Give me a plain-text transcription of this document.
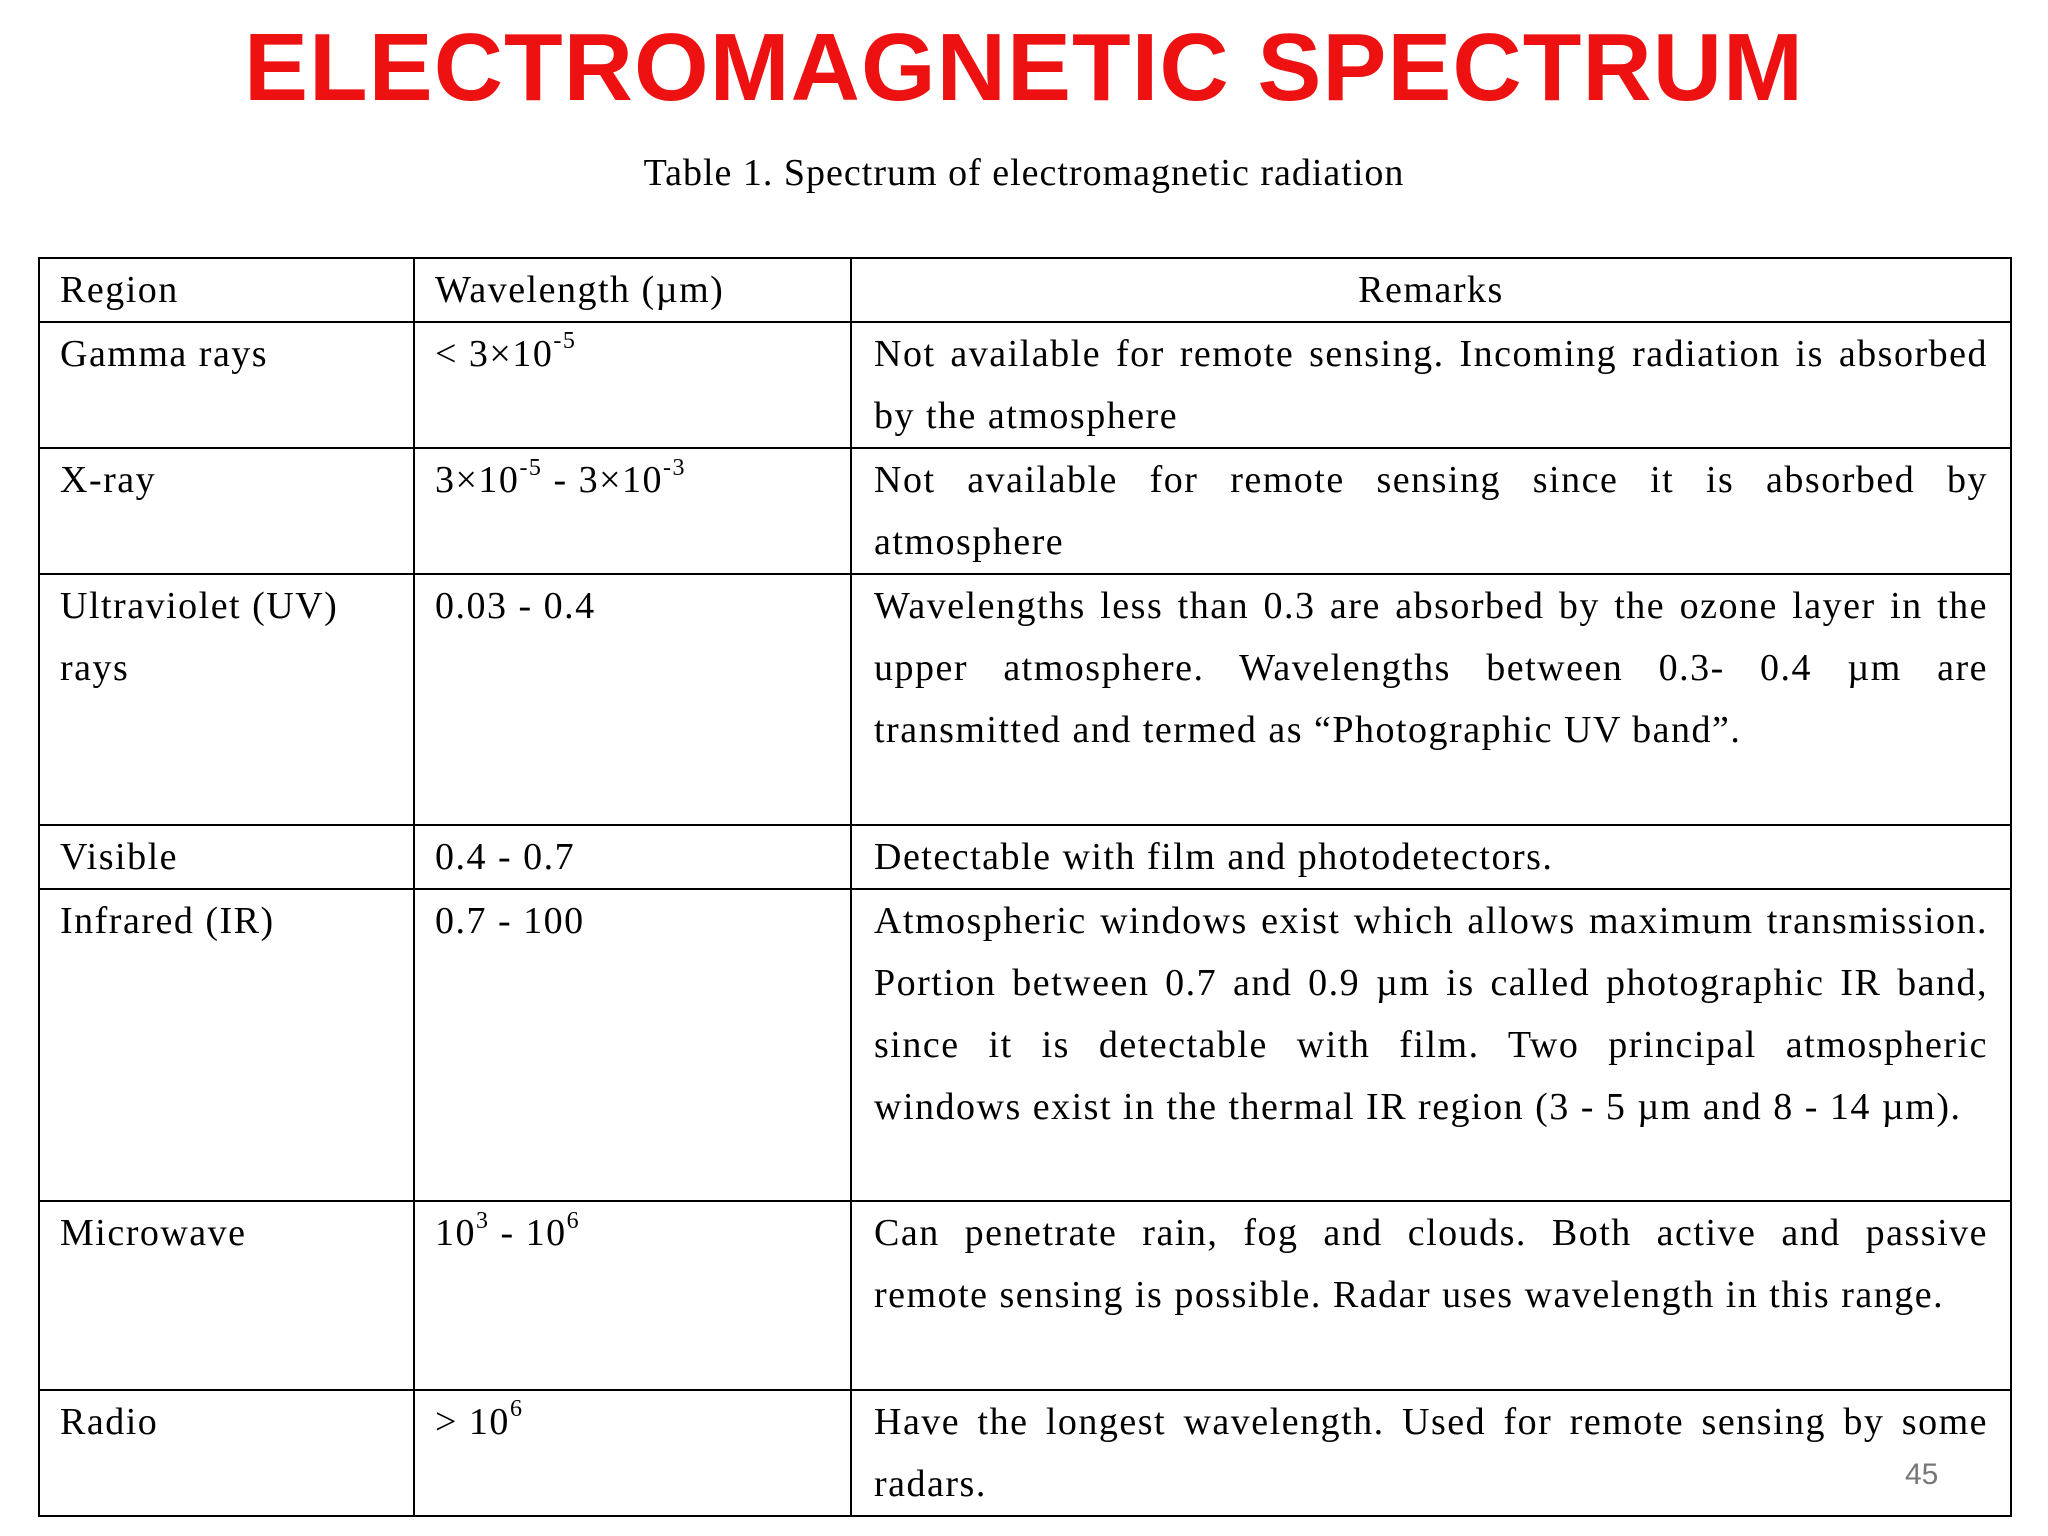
ELECTROMAGNETIC SPECTRUM
Table 1. Spectrum of electromagnetic radiation
Region	Wavelength (µm)	Remarks
Gamma rays	< $3\times 10^{-5}$	Not available for remote sensing. Incoming radiation is absorbed by the atmosphere
X-ray	$3\times 10^{-5} - 3\times 10^{-3}$	Not available for remote sensing since it is absorbed by atmosphere
Ultraviolet (UV) rays	0.03 - 0.4	Wavelengths less than 0.3 are absorbed by the ozone layer in the upper atmosphere. Wavelengths between 0.3- 0.4 µm are transmitted and termed as “Photographic UV band”.
Visible	0.4 - 0.7	Detectable with film and photodetectors.
Infrared (IR)	0.7 - 100	Atmospheric windows exist which allows maximum transmission. Portion between 0.7 and 0.9 µm is called photographic IR band, since it is detectable with film. Two principal atmospheric windows exist in the thermal IR region (3 - 5 µm and 8 - 14 µm).
Microwave	$10^3 - 10^6$	Can penetrate rain, fog and clouds. Both active and passive remote sensing is possible. Radar uses wavelength in this range.
Radio	> $10^6$	Have the longest wavelength. Used for remote sensing by some radars.	45
